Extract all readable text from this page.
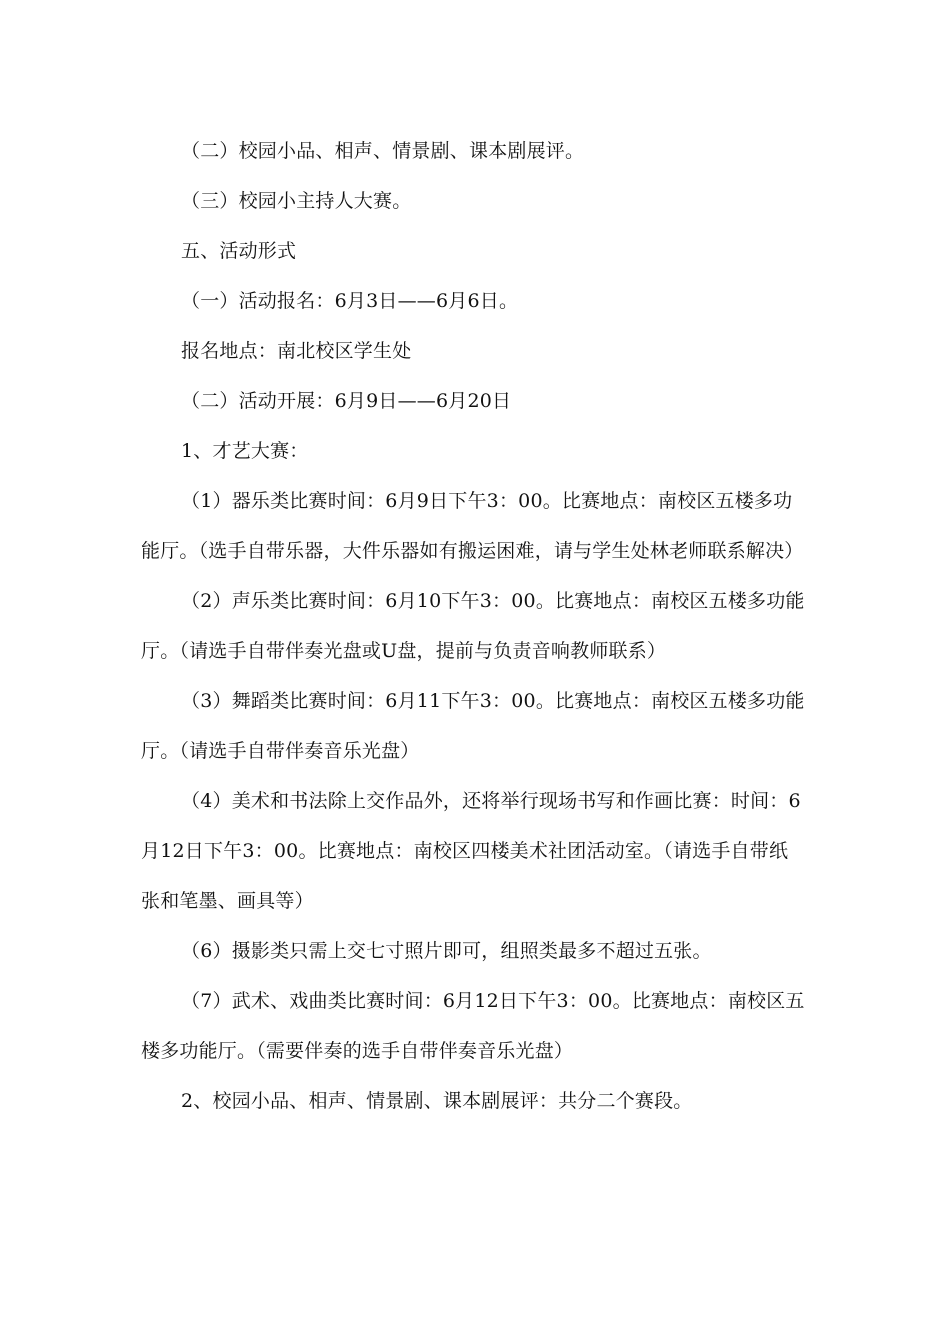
（二）校园小品、相声、情景剧、课本剧展评。

（三）校园小主持人大赛。

五、活动形式

（一）活动报名：6月3日——6月6日。

报名地点：南北校区学生处

（二）活动开展：6月9日——6月20日

1、才艺大赛：

（1）器乐类比赛时间：6月9日下午3：00。比赛地点：南校区五楼多功能厅。（选手自带乐器，大件乐器如有搬运困难，请与学生处林老师联系解决）

（2）声乐类比赛时间：6月10下午3：00。比赛地点：南校区五楼多功能厅。（请选手自带伴奏光盘或U盘，提前与负责音响教师联系）

（3）舞蹈类比赛时间：6月11下午3：00。比赛地点：南校区五楼多功能厅。（请选手自带伴奏音乐光盘）

（4）美术和书法除上交作品外，还将举行现场书写和作画比赛：时间：6月12日下午3：00。比赛地点：南校区四楼美术社团活动室。（请选手自带纸张和笔墨、画具等）

（6）摄影类只需上交七寸照片即可，组照类最多不超过五张。

（7）武术、戏曲类比赛时间：6月12日下午3：00。比赛地点：南校区五楼多功能厅。（需要伴奏的选手自带伴奏音乐光盘）

2、校园小品、相声、情景剧、课本剧展评：共分二个赛段。
